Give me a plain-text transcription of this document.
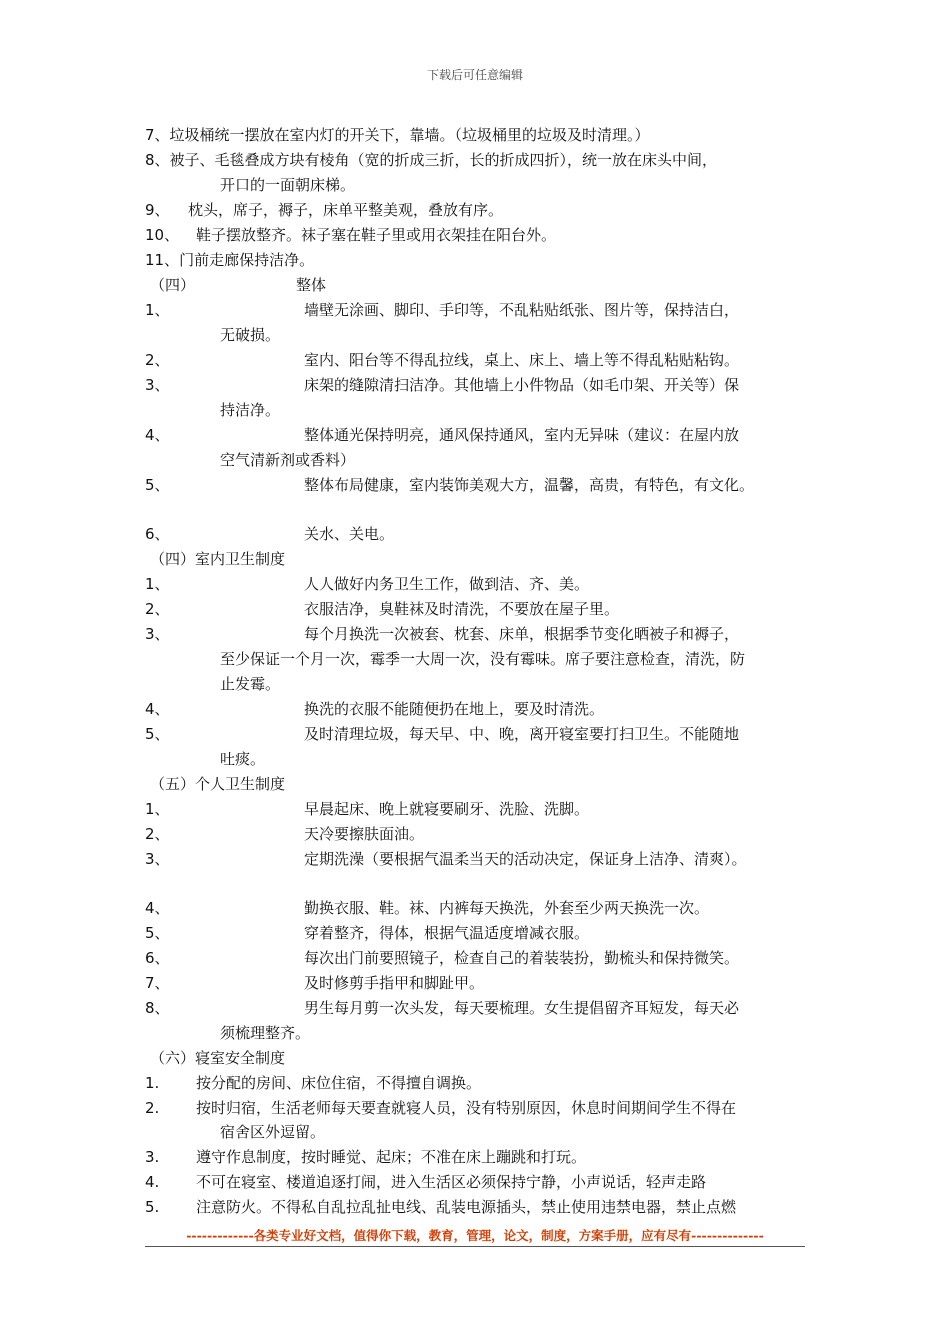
下载后可任意编辑
7、垃圾桶统一摆放在室内灯的开关下，靠墙。（垃圾桶里的垃圾及时清理。）
8、被子、毛毯叠成方块有棱角（宽的折成三折，长的折成四折），统一放在床头中间，
开口的一面朝床梯。
9、 枕头，席子，褥子，床单平整美观，叠放有序。
10、 鞋子摆放整齐。袜子塞在鞋子里或用衣架挂在阳台外。
11、门前走廊保持洁净。
（四）	整体
1、	墙壁无涂画、脚印、手印等，不乱粘贴纸张、图片等，保持洁白，
无破损。
2、	室内、阳台等不得乱拉线，桌上、床上、墙上等不得乱粘贴粘钩。
3、	床架的缝隙清扫洁净。其他墙上小件物品（如毛巾架、开关等）保
持洁净。
4、	整体通光保持明亮，通风保持通风，室内无异味（建议：在屋内放
空气清新剂或香料）
5、	整体布局健康，室内装饰美观大方，温馨，高贵，有特色，有文化。
6、	关水、关电。
（四）室内卫生制度
1、	人人做好内务卫生工作，做到洁、齐、美。
2、	衣服洁净，臭鞋袜及时清洗，不要放在屋子里。
3、	每个月换洗一次被套、枕套、床单，根据季节变化晒被子和褥子，
至少保证一个月一次，霉季一大周一次，没有霉味。席子要注意检查，清洗，防
止发霉。
4、	换洗的衣服不能随便扔在地上，要及时清洗。
5、	及时清理垃圾，每天早、中、晚，离开寝室要打扫卫生。不能随地
吐痰。
（五）个人卫生制度
1、	早晨起床、晚上就寝要刷牙、洗脸、洗脚。
2、	天冷要擦肤面油。
3、	定期洗澡（要根据气温柔当天的活动决定，保证身上洁净、清爽）。
4、	勤换衣服、鞋。袜、内裤每天换洗，外套至少两天换洗一次。
5、	穿着整齐，得体，根据气温适度增减衣服。
6、	每次出门前要照镜子，检查自己的着装装扮，勤梳头和保持微笑。
7、	及时修剪手指甲和脚趾甲。
8、	男生每月剪一次头发，每天要梳理。女生提倡留齐耳短发，每天必
须梳理整齐。
（六）寝室安全制度
1. 按分配的房间、床位住宿，不得擅自调换。
2. 按时归宿，生活老师每天要查就寝人员，没有特别原因，休息时间期间学生不得在
宿舍区外逗留。
3. 遵守作息制度，按时睡觉、起床；不准在床上蹦跳和打玩。
4. 不可在寝室、楼道追逐打闹，进入生活区必须保持宁静，小声说话，轻声走路
5. 注意防火。不得私自乱拉乱扯电线、乱装电源插头，禁止使用违禁电器，禁止点燃
-------------各类专业好文档，值得你下载，教育，管理，论文，制度，方案手册，应有尽有--------------
